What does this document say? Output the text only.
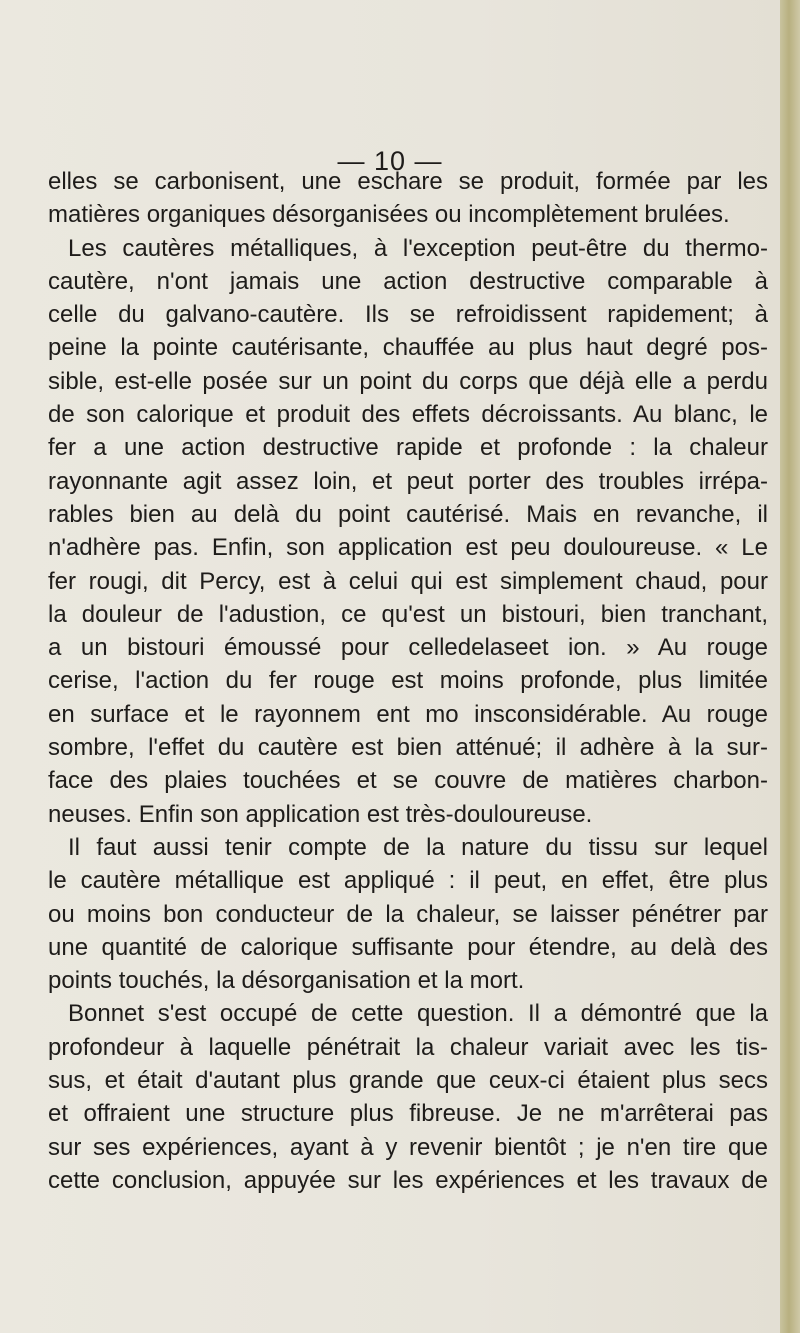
— 10 —
elles se carbonisent, une eschare se produit, formée par les
matières organiques désorganisées ou incomplètement brulées.
Les cautères métalliques, à l'exception peut-être du thermo-
cautère, n'ont jamais une action destructive comparable à
celle du galvano-cautère. Ils se refroidissent rapidement; à
peine la pointe cautérisante, chauffée au plus haut degré pos-
sible, est-elle posée sur un point du corps que déjà elle a perdu
de son calorique et produit des effets décroissants. Au blanc, le
fer a une action destructive rapide et profonde : la chaleur
rayonnante agit assez loin, et peut porter des troubles irrépa-
rables bien au delà du point cautérisé. Mais en revanche, il
n'adhère pas. Enfin, son application est peu douloureuse. « Le
fer rougi, dit Percy, est à celui qui est simplement chaud, pour
la douleur de l'adustion, ce qu'est un bistouri, bien tranchant,
a un bistouri émoussé pour celledelaseet ion. » Au rouge
cerise, l'action du fer rouge est moins profonde, plus limitée
en surface et le rayonnem ent mo insconsidérable. Au rouge
sombre, l'effet du cautère est bien atténué; il adhère à la sur-
face des plaies touchées et se couvre de matières charbon-
neuses. Enfin son application est très-douloureuse.
Il faut aussi tenir compte de la nature du tissu sur lequel
le cautère métallique est appliqué : il peut, en effet, être plus
ou moins bon conducteur de la chaleur, se laisser pénétrer par
une quantité de calorique suffisante pour étendre, au delà des
points touchés, la désorganisation et la mort.
Bonnet s'est occupé de cette question. Il a démontré que la
profondeur à laquelle pénétrait la chaleur variait avec les tis-
sus, et était d'autant plus grande que ceux-ci étaient plus secs
et offraient une structure plus fibreuse. Je ne m'arrêterai pas
sur ses expériences, ayant à y revenir bientôt ; je n'en tire que
cette conclusion, appuyée sur les expériences et les travaux de
